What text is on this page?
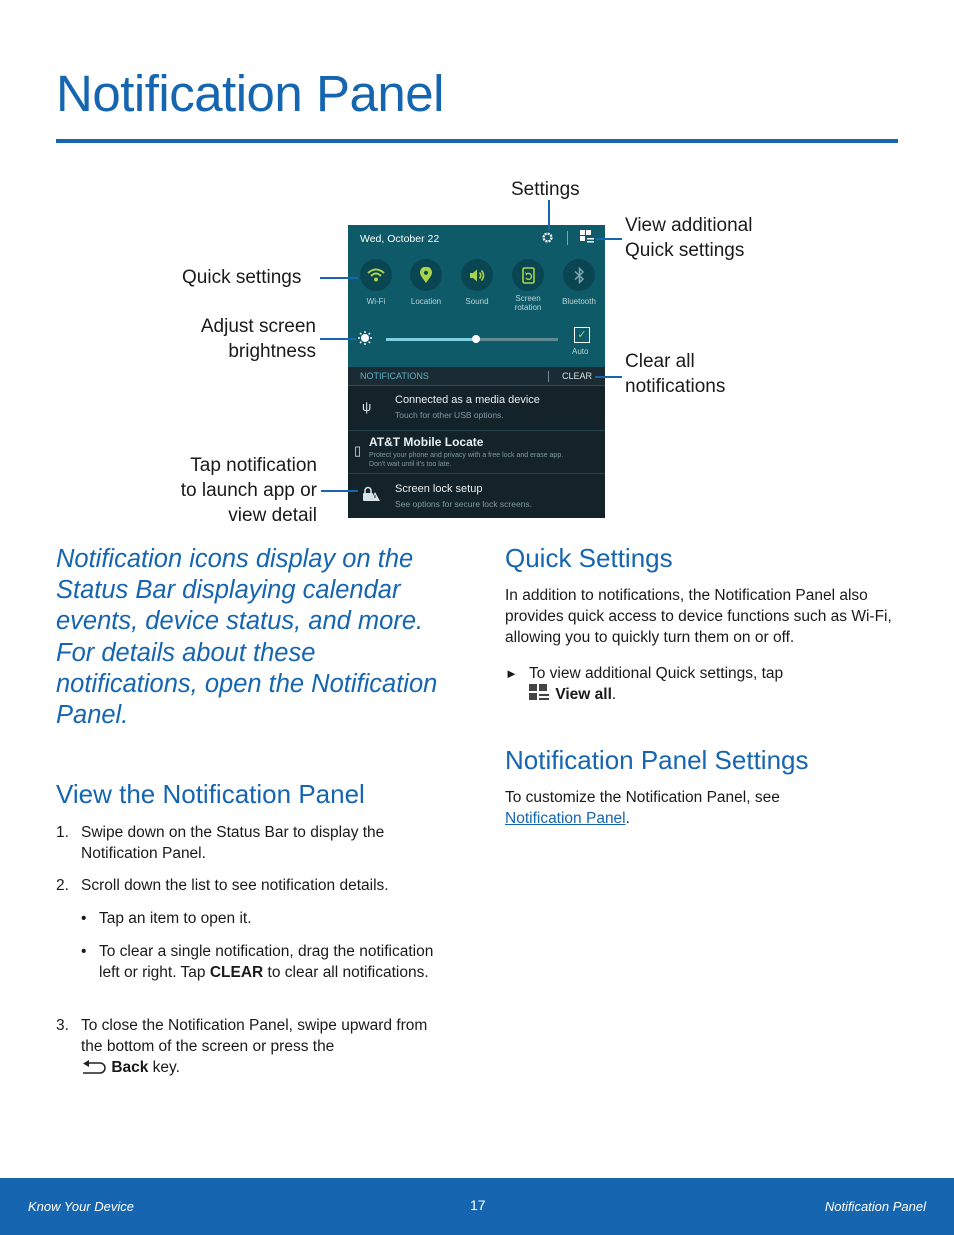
Notification Panel
Wed, October 22
Wi-Fi	Location	Sound	Screen rotation
Bluetooth
✓
Auto
NOTIFICATIONS	CLEAR
ψ Connected as a media device
Touch for other USB options.
▯
AT&T Mobile Locate
Protect your phone and privacy with a free lock and erase app.
Don't wait until it's too late.
Screen lock setup
See options for secure lock screens.
Settings
View additional
Quick settings
Quick settings
Adjust screen
brightness	Clear all
notifications
Tap notification
to launch app or
view detail
Notification icons display on the Status Bar displaying calendar events, device status, and more. For details about these notifications, open the Notification Panel.
View the Notification Panel
1. Swipe down on the Status Bar to display the Notification Panel.
2. Scroll down the list to see notification details.
• Tap an item to open it.
• To clear a single notification, drag the notification left or right. Tap CLEAR to clear all notifications.
3. To close the Notification Panel, swipe upward from the bottom of the screen or press the
Back key.
Quick Settings
In addition to notifications, the Notification Panel also provides quick access to device functions such as Wi-Fi, allowing you to quickly turn them on or off.
► To view additional Quick settings, tap
View all.
Notification Panel Settings
To customize the Notification Panel, see
Notification Panel.
Know Your Device	17	Notification Panel
